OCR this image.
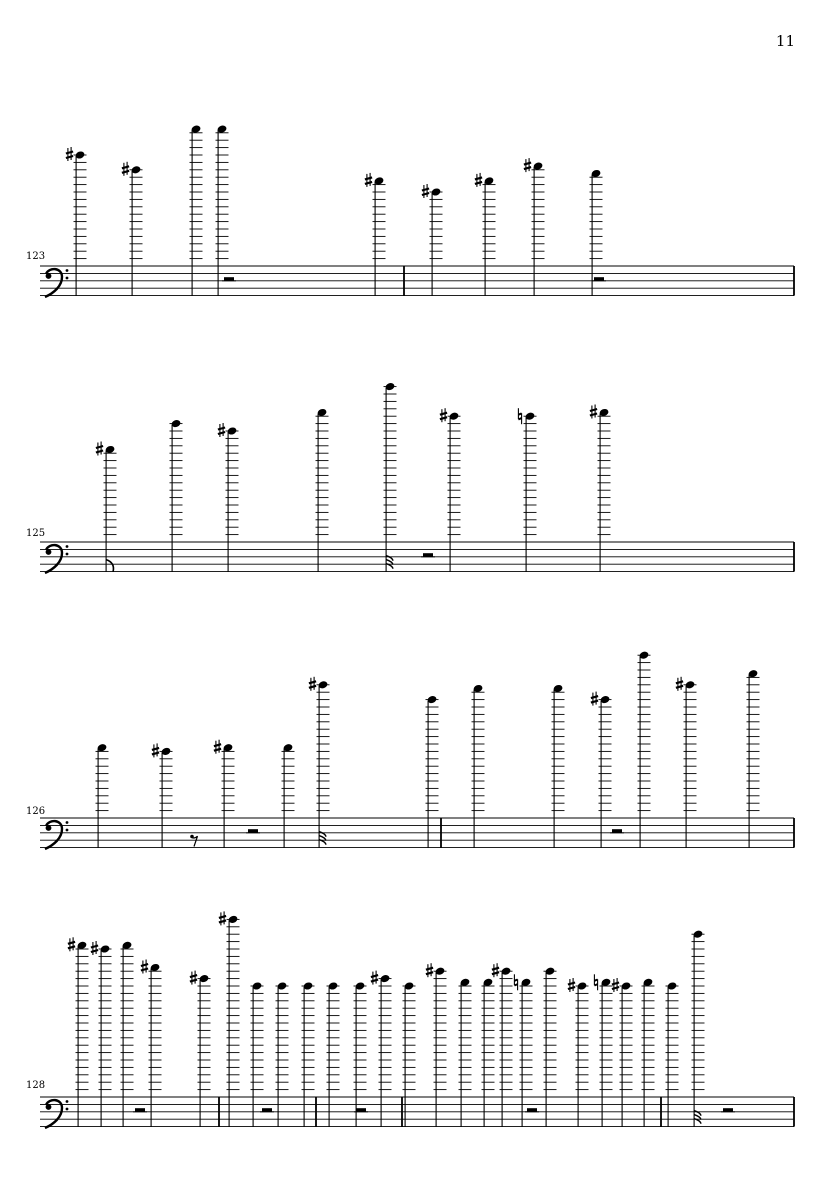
11
123
125
126
128
